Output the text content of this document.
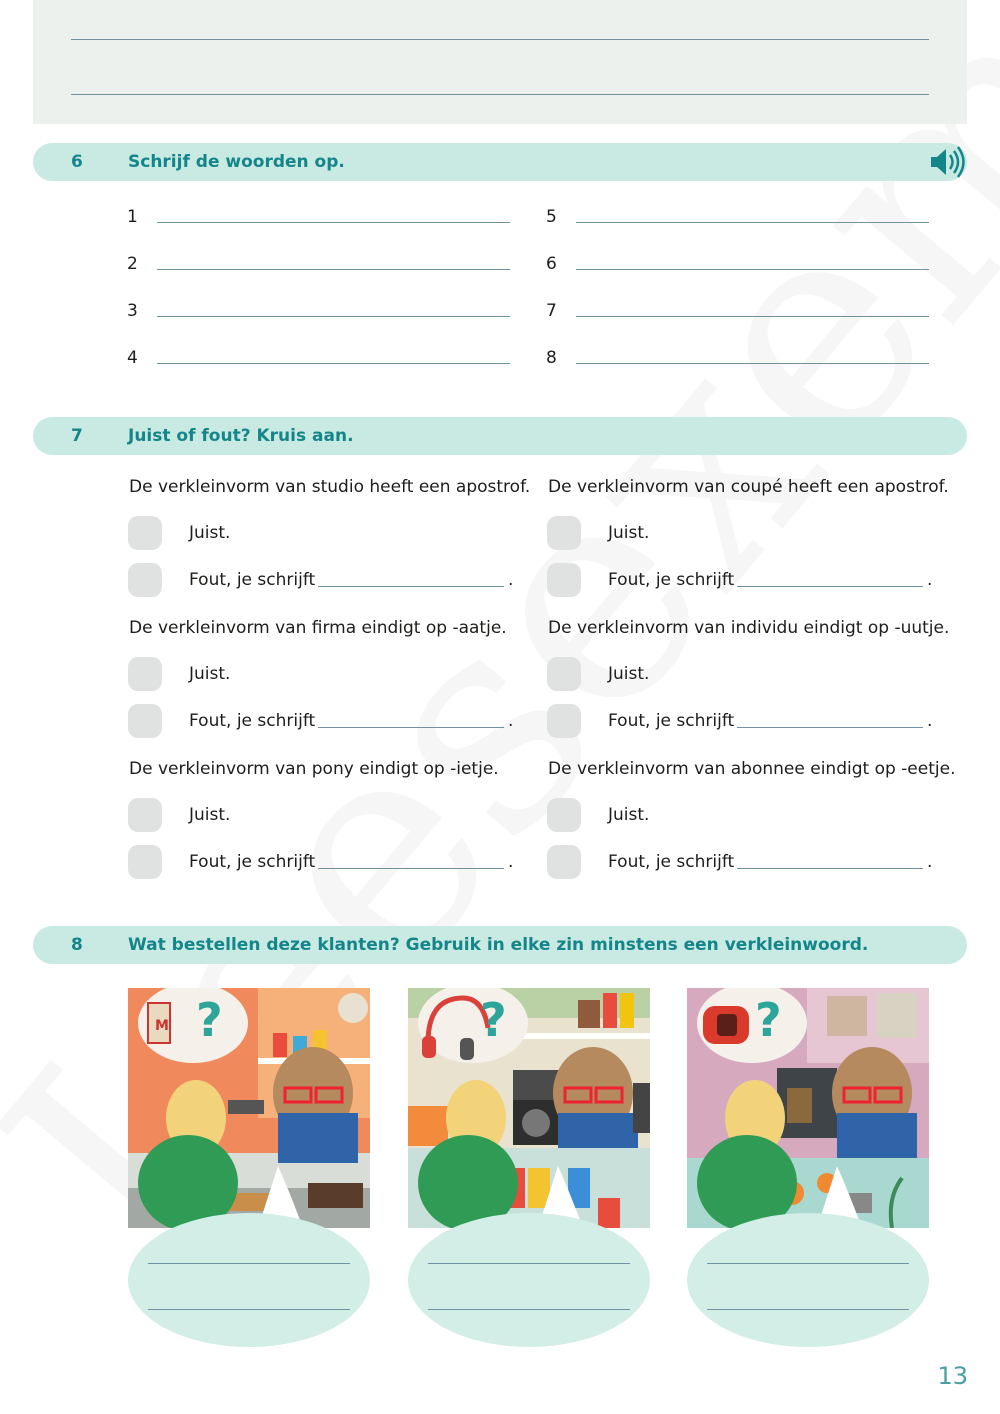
6	Schrijf de woorden op.
1
2
3
4
5
6
7
8
7	Juist of fout? Kruis aan.
De verkleinvorm van studio heeft een apostrof.
Juist.
Fout, je schrijft	.
De verkleinvorm van firma eindigt op -aatje.
Juist.
Fout, je schrijft	.
De verkleinvorm van pony eindigt op -ietje.
Juist.
Fout, je schrijft	.
De verkleinvorm van coupé heeft een apostrof.
Juist.
Fout, je schrijft	.
De verkleinvorm van individu eindigt op -uutje.
Juist.
Fout, je schrijft	.
De verkleinvorm van abonnee eindigt op -eetje.
Juist.
Fout, je schrijft	.
8	Wat bestellen deze klanten? Gebruik in elke zin minstens een verkleinwoord.
M ?	?	?
13
